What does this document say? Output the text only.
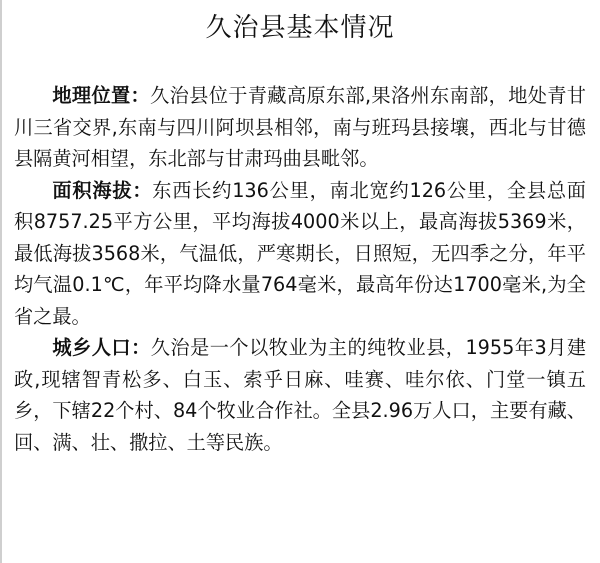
久治县基本情况

地理位置：久治县位于青藏高原东部,果洛州东南部，地处青甘川三省交界,东南与四川阿坝县相邻，南与班玛县接壤，西北与甘德县隔黄河相望，东北部与甘肃玛曲县毗邻。

面积海拔：东西长约136公里，南北宽约126公里，全县总面积8757.25平方公里，平均海拔4000米以上，最高海拔5369米，最低海拔3568米，气温低，严寒期长，日照短，无四季之分，年平均气温0.1℃，年平均降水量764毫米，最高年份达1700毫米,为全省之最。

城乡人口：久治是一个以牧业为主的纯牧业县，1955年3月建政,现辖智青松多、白玉、索乎日麻、哇赛、哇尔依、门堂一镇五乡，下辖22个村、84个牧业合作社。全县2.96万人口，主要有藏、回、满、壮、撒拉、土等民族。
